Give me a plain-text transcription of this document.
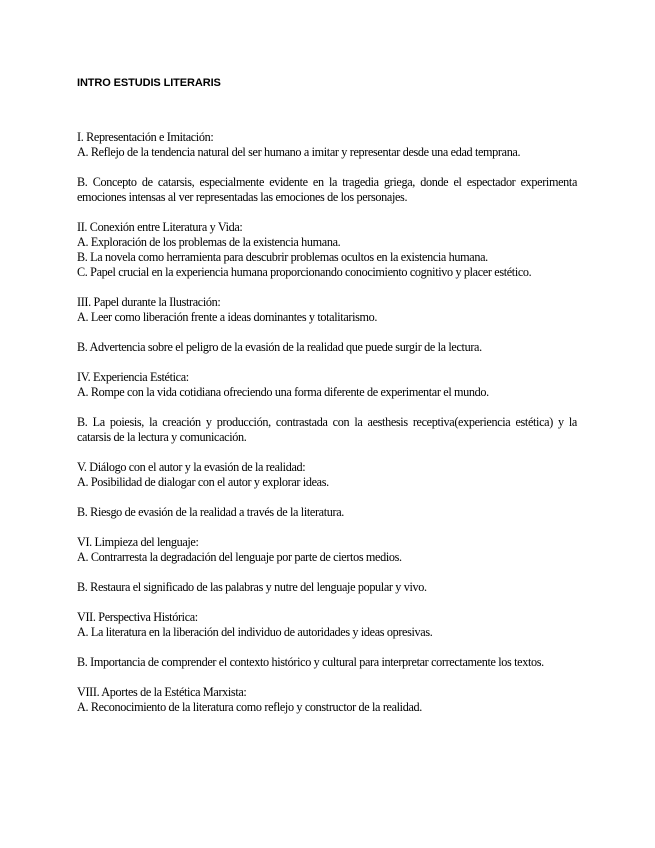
INTRO ESTUDIS LITERARIS

I. Representación e Imitación:

A. Reflejo de la tendencia natural del ser humano a imitar y representar desde una edad temprana.

B. Concepto de catarsis, especialmente evidente en la tragedia griega, donde el espectador experimenta emociones intensas al ver representadas las emociones de los personajes.

II. Conexión entre Literatura y Vida:

A. Exploración de los problemas de la existencia humana.

B. La novela como herramienta para descubrir problemas ocultos en la existencia humana.

C. Papel crucial en la experiencia humana proporcionando conocimiento cognitivo y placer estético.

III. Papel durante la Ilustración:

A. Leer como liberación frente a ideas dominantes y totalitarismo.

B. Advertencia sobre el peligro de la evasión de la realidad que puede surgir de la lectura.

IV. Experiencia Estética:

A. Rompe con la vida cotidiana ofreciendo una forma diferente de experimentar el mundo.

B. La poiesis, la creación y producción, contrastada con la aesthesis receptiva(experiencia estética) y la catarsis de la lectura y comunicación.

V. Diálogo con el autor y la evasión de la realidad:

A. Posibilidad de dialogar con el autor y explorar ideas.

B. Riesgo de evasión de la realidad a través de la literatura.

VI. Limpieza del lenguaje:

A. Contrarresta la degradación del lenguaje por parte de ciertos medios.

B. Restaura el significado de las palabras y nutre del lenguaje popular y vivo.

VII. Perspectiva Histórica:

A. La literatura en la liberación del individuo de autoridades y ideas opresivas.

B. Importancia de comprender el contexto histórico y cultural para interpretar correctamente los textos.

VIII. Aportes de la Estética Marxista:

A. Reconocimiento de la literatura como reflejo y constructor de la realidad.
